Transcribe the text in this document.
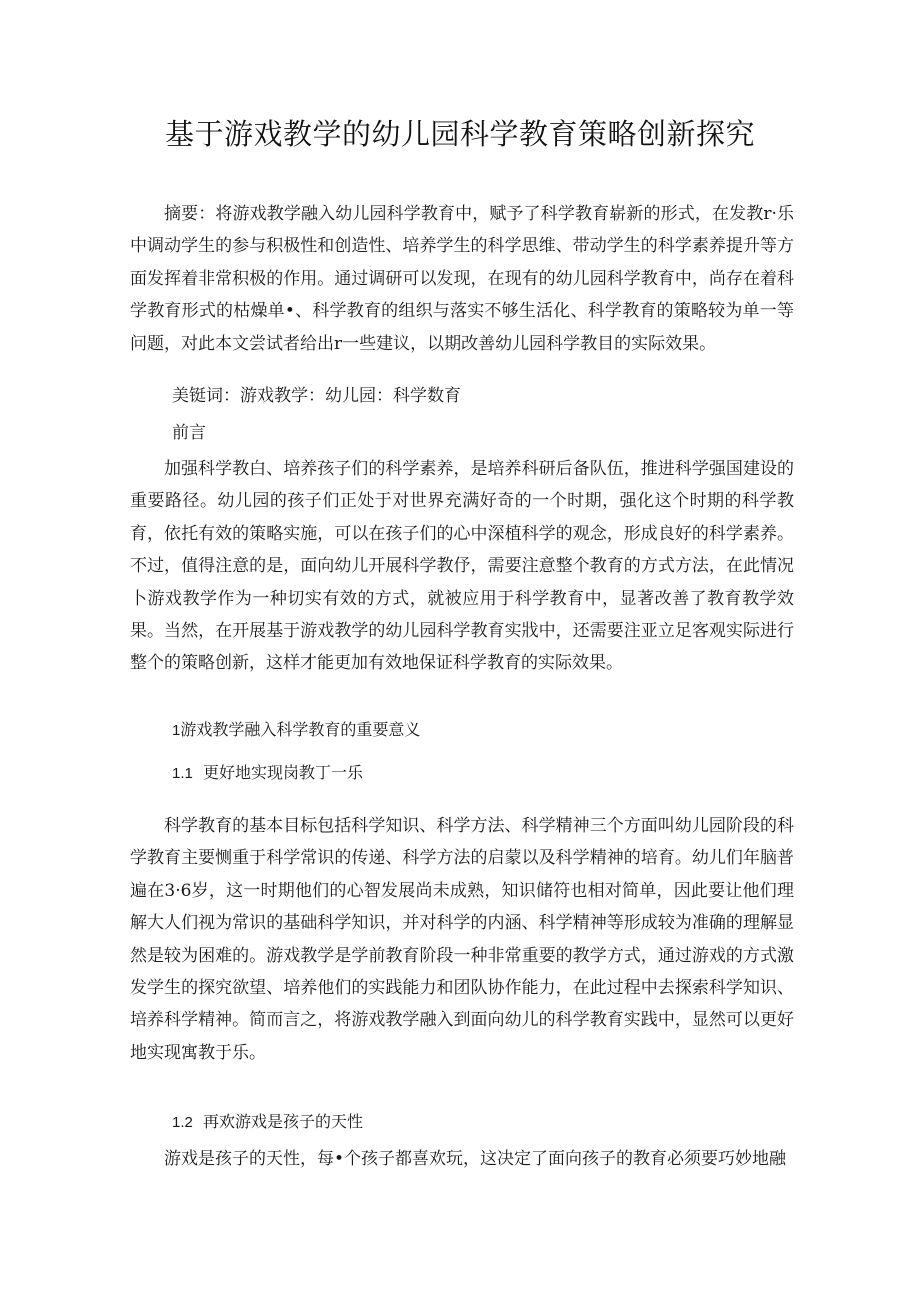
基于游戏教学的幼儿园科学教育策略创新探究

摘要：将游戏教学融入幼儿园科学教育中，赋予了科学教育崭新的形式，在发教r·乐中调动学生的参与积极性和创造性、培养学生的科学思维、带动学生的科学素养提升等方面发挥着非常积极的作用。通过调研可以发现，在现有的幼儿园科学教育中，尚存在着科学教育形式的枯燥单•、科学教育的组织与落实不够生活化、科学教育的策略较为单一等问题，对此本文尝试者给出r一些建议，以期改善幼儿园科学教目的实际效果。

美铤词：游戏教学：幼儿园：科学数育

前言

加强科学教白、培养孩子们的科学素养，是培养科研后备队伍，推进科学强国建设的重要路径。幼儿园的孩子们正处于对世界充满好奇的一个时期，强化这个时期的科学教育，依托有效的策略实施，可以在孩子们的心中深植科学的观念，形成良好的科学素养。不过，值得注意的是，面向幼儿开展科学教伃，需要注意整个教育的方式方法，在此情况卜游戏教学作为一种切实有效的方式，就被应用于科学教育中，显著改善了教育教学效果。当然，在开展基于游戏教学的幼儿园科学教育实戕中，还需要注亚立足客观实际进行整个的策略创新，这样才能更加有效地保证科学教育的实际效果。

1游戏教学融入科学教育的重要意义

1.1 更好地实现岗教丁一乐

科学教育的基本目标包括科学知识、科学方法、科学精神三个方面叫幼儿园阶段的科学教育主要恻重于科学常识的传递、科学方法的启蒙以及科学精神的培育。幼儿们年脑普遍在3·6岁，这一时期他们的心智发展尚未成熟，知识储符也相对简单，因此要让他们理解大人们视为常识的基础科学知识，并对科学的内涵、科学精神等形成较为准确的理解显然是较为困难的。游戏教学是学前教育阶段一种非常重要的教学方式，通过游戏的方式激发学生的探究欲望、培养他们的实践能力和团队协作能力，在此过程中去探索科学知识、培养科学精神。简而言之，将游戏教学融入到面向幼儿的科学教育实践中，显然可以更好地实现寓教于乐。

1.2 再欢游戏是孩子的天性

游戏是孩子的天性，每•个孩子都喜欢玩，这决定了面向孩子的教育必须要巧妙地融
